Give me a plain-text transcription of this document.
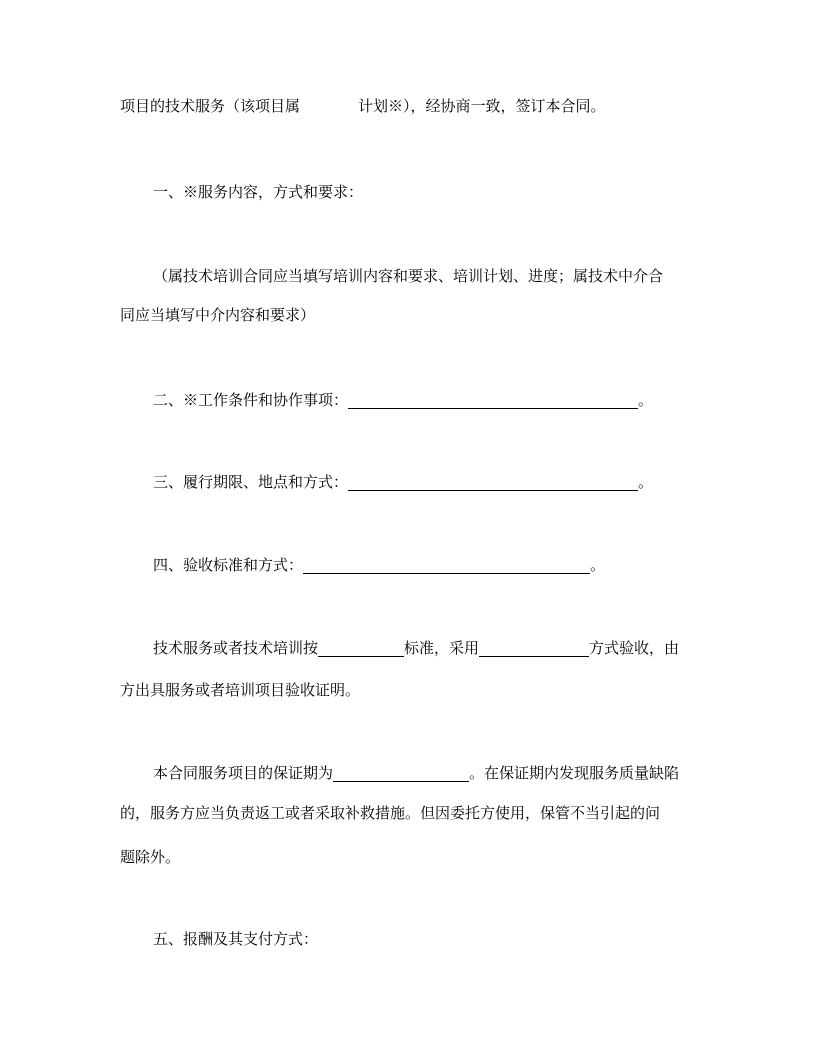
项目的技术服务（该项目属	计划※），经协商一致，签订本合同。
一、※服务内容，方式和要求：
（属技术培训合同应当填写培训内容和要求、培训计划、进度；属技术中介合
同应当填写中介内容和要求）
二、※工作条件和协作事项：	。
三、履行期限、地点和方式：	。
四、验收标准和方式：	。
技术服务或者技术培训按	标准，采用	方式验收，由
方出具服务或者培训项目验收证明。
本合同服务项目的保证期为	。在保证期内发现服务质量缺陷
的，服务方应当负责返工或者采取补救措施。但因委托方使用，保管不当引起的问
题除外。
五、报酬及其支付方式：
